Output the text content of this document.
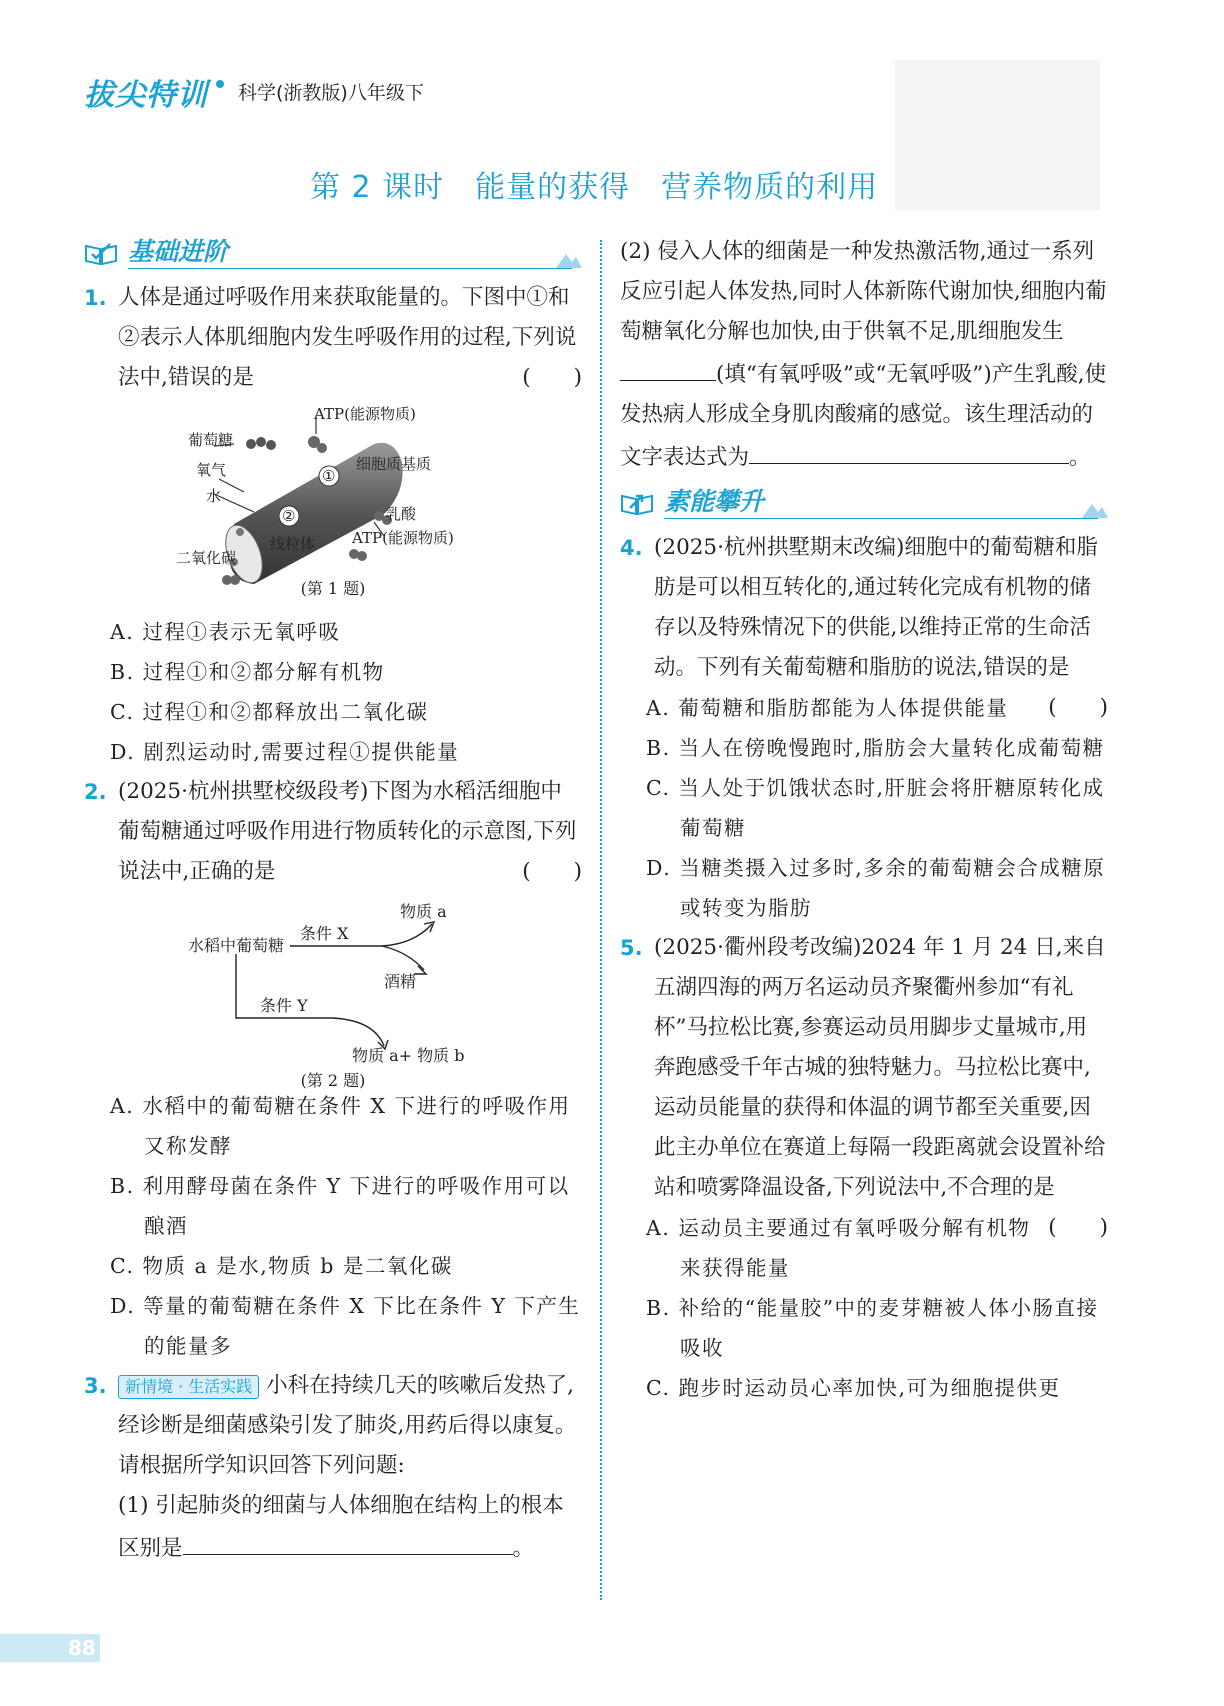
拔尖特训 科学(浙教版)八年级下
第 2 课时　能量的获得　营养物质的利用
基础进阶
1. 人体是通过呼吸作用来获取能量的。下图中①和②表示人体肌细胞内发生呼吸作用的过程,下列说法中,错误的是	(　　)
ATP(能源物质)
葡萄糖
细胞质基质
氧气	①
水
②	乳酸
二氧化碳
线粒体 ATP(能源物质)
(第 1 题)
A. 过程①表示无氧呼吸
B. 过程①和②都分解有机物
C. 过程①和②都释放出二氧化碳
D. 剧烈运动时,需要过程①提供能量
2. (2025·杭州拱墅校级段考)下图为水稻活细胞中葡萄糖通过呼吸作用进行物质转化的示意图,下列说法中,正确的是	(　　)
水稻中葡萄糖
条件 X
物质 a
酒精
条件 Y
物质 a+ 物质 b
(第 2 题)
A. 水稻中的葡萄糖在条件 X 下进行的呼吸作用又称发酵
B. 利用酵母菌在条件 Y 下进行的呼吸作用可以酿酒
C. 物质 a 是水,物质 b 是二氧化碳
D. 等量的葡萄糖在条件 X 下比在条件 Y 下产生的能量多
3. 新情境 · 生活实践 小科在持续几天的咳嗽后发热了,经诊断是细菌感染引发了肺炎,用药后得以康复。请根据所学知识回答下列问题:
(1) 引起肺炎的细菌与人体细胞在结构上的根本区别是	。
(2) 侵入人体的细菌是一种发热激活物,通过一系列反应引起人体发热,同时人体新陈代谢加快,细胞内葡萄糖氧化分解也加快,由于供氧不足,肌细胞发生(填“有氧呼吸”或“无氧呼吸”)产生乳酸,使发热病人形成全身肌肉酸痛的感觉。该生理活动的文字表达式为	。
素能攀升
4. (2025·杭州拱墅期末改编)细胞中的葡萄糖和脂肪是可以相互转化的,通过转化完成有机物的储存以及特殊情况下的供能,以维持正常的生命活动。下列有关葡萄糖和脂肪的说法,错误的是
(　　)
A. 葡萄糖和脂肪都能为人体提供能量
B. 当人在傍晚慢跑时,脂肪会大量转化成葡萄糖
C. 当人处于饥饿状态时,肝脏会将肝糖原转化成葡萄糖
D. 当糖类摄入过多时,多余的葡萄糖会合成糖原或转变为脂肪
5. (2025·衢州段考改编)2024 年 1 月 24 日,来自五湖四海的两万名运动员齐聚衢州参加“有礼杯”马拉松比赛,参赛运动员用脚步丈量城市,用奔跑感受千年古城的独特魅力。马拉松比赛中,运动员能量的获得和体温的调节都至关重要,因此主办单位在赛道上每隔一段距离就会设置补给站和喷雾降温设备,下列说法中,不合理的是
(　　)
A. 运动员主要通过有氧呼吸分解有机物来获得能量
B. 补给的“能量胶”中的麦芽糖被人体小肠直接吸收
C. 跑步时运动员心率加快,可为细胞提供更
88
